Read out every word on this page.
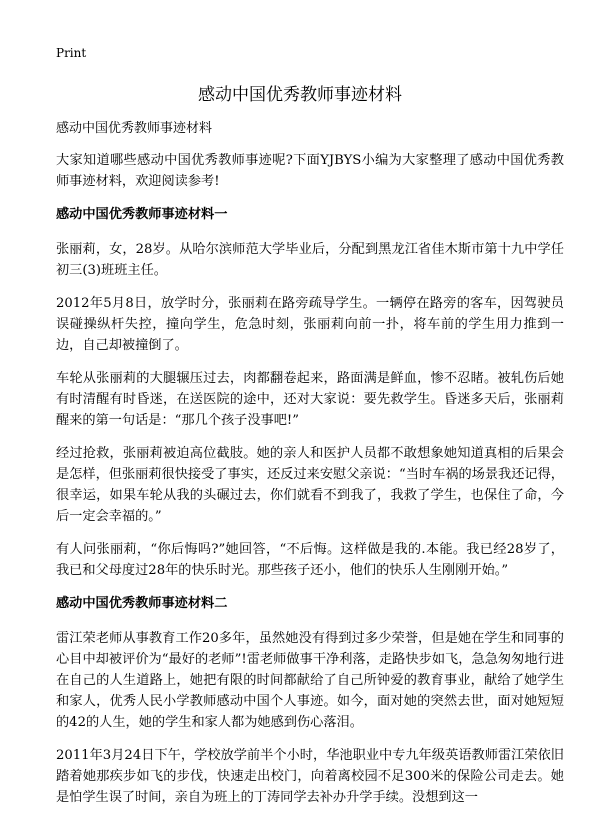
Print
感动中国优秀教师事迹材料
感动中国优秀教师事迹材料

大家知道哪些感动中国优秀教师事迹呢?下面YJBYS小编为大家整理了感动中国优秀教师事迹材料，欢迎阅读参考!

感动中国优秀教师事迹材料一

张丽莉，女，28岁。从哈尔滨师范大学毕业后，分配到黑龙江省佳木斯市第十九中学任初三(3)班班主任。

2012年5月8日，放学时分，张丽莉在路旁疏导学生。一辆停在路旁的客车，因驾驶员误碰操纵杆失控，撞向学生，危急时刻，张丽莉向前一扑，将车前的学生用力推到一边，自己却被撞倒了。

车轮从张丽莉的大腿辗压过去，肉都翻卷起来，路面满是鲜血，惨不忍睹。被轧伤后她有时清醒有时昏迷，在送医院的途中，还对大家说：要先救学生。昏迷多天后，张丽莉醒来的第一句话是：“那几个孩子没事吧!”

经过抢救，张丽莉被迫高位截肢。她的亲人和医护人员都不敢想象她知道真相的后果会是怎样，但张丽莉很快接受了事实，还反过来安慰父亲说：“当时车祸的场景我还记得，很幸运，如果车轮从我的头碾过去，你们就看不到我了，我救了学生，也保住了命，今后一定会幸福的。”

有人问张丽莉，“你后悔吗?”她回答，“不后悔。这样做是我的.本能。我已经28岁了，我已和父母度过28年的快乐时光。那些孩子还小，他们的快乐人生刚刚开始。”

感动中国优秀教师事迹材料二

雷江荣老师从事教育工作20多年，虽然她没有得到过多少荣誉，但是她在学生和同事的心目中却被评价为“最好的老师”!雷老师做事干净利落，走路快步如飞，急急匆匆地行进在自己的人生道路上，她把有限的时间都献给了自己所钟爱的教育事业，献给了她学生和家人，优秀人民小学教师感动中国个人事迹。如今，面对她的突然去世，面对她短短的42的人生，她的学生和家人都为她感到伤心落泪。

2011年3月24日下午，学校放学前半个小时，华池职业中专九年级英语教师雷江荣依旧踏着她那疾步如飞的步伐，快速走出校门，向着离校园不足300米的保险公司走去。她是怕学生误了时间，亲自为班上的丁涛同学去补办升学手续。没想到这一
